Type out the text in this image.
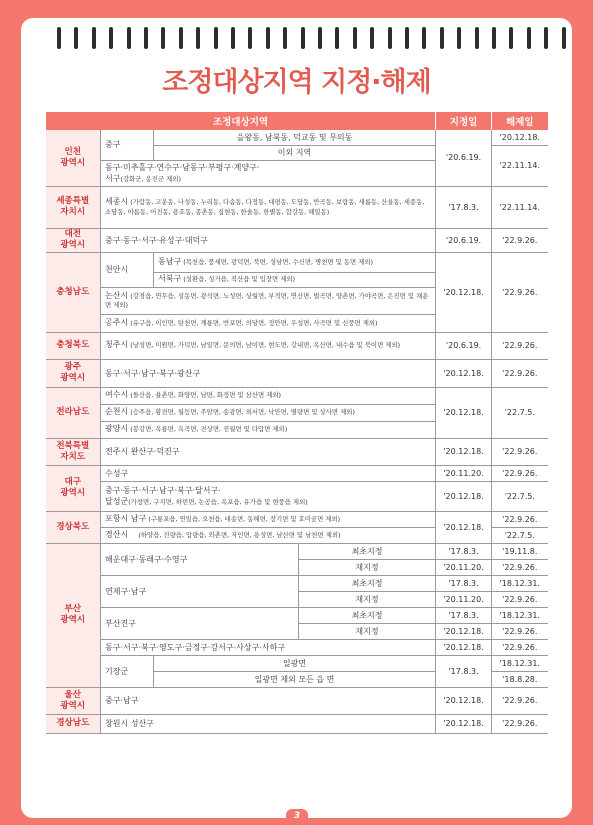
조정대상지역 지정·해제
조정대상지역				지정일	해제일
인천
광역시	중구	을왕동, 남북동, 덕교동 및 무의동		'20.6.19.	'20.12.18.
		이외 지역			'22.11.14.
	동구·미추홀구·연수구·남동구·부평구·계양구·
서구(강화군, 옹진군 제외)				
세종특별
자치시	세종시 (가람동, 고운동, 나성동, 누리동, 다솜동, 다정동, 대평동, 도담동, 반곡동, 보람동, 새롬동, 산울동, 세종동, 소담동, 아름동, 어진동, 용호동, 종촌동, 집현동, 한솔동, 한별동, 합강동, 해밀동)			'17.8.3.	'22.11.14.
대전
광역시	중구·동구·서구·유성구·대덕구			'20.6.19.	'22.9.26.
충청남도	천안시	동남구 (목천읍, 풍세면, 광덕면, 북면, 성남면, 수신면, 병천면 및 동면 제외)		'20.12.18.	'22.9.26.
		서북구 (성환읍, 성거읍, 직산읍 및 입장면 제외)			
	논산시 (강경읍, 연무읍, 성동면, 광석면, 노성면, 상월면, 부적면, 연산면, 벌곡면, 양촌면, 가야곡면, 은진면 및 채운면 제외)				
	공주시 (유구읍, 이인면, 탄천면, 계룡면, 반포면, 의당면, 정안면, 우성면, 사곡면 및 신풍면 제외)				
충청북도	청주시 (낭성면, 미원면, 가덕면, 남일면, 문의면, 남이면, 현도면, 강내면, 옥산면, 내수읍 및 북이면 제외)			'20.6.19.	'22.9.26.
광주
광역시	동구·서구·남구·북구·광산구			'20.12.18.	'22.9.26.
전라남도	여수시 (돌산읍, 율촌면, 화양면, 남면, 화정면 및 삼산면 제외)			'20.12.18.	'22.7.5.
	순천시 (승주읍, 황전면, 월등면, 주암면, 송광면, 외서면, 낙안면, 별량면 및 상사면 제외)				
	광양시 (봉강면, 옥룡면, 옥곡면, 진상면, 진월면 및 다압면 제외)				
전북특별
자치도	전주시 완산구·덕진구			'20.12.18.	'22.9.26.
대구
광역시	수성구			'20.11.20.	'22.9.26.
	중구·동구·서구·남구·북구·달서구·
달성군(가창면, 구지면, 하빈면, 논공읍, 옥포읍, 유가읍 및 현풍읍 제외)			'20.12.18.	'22.7.5.
경상북도	포항시 남구 (구룡포읍, 연일읍, 오천읍, 대송면, 동해면, 장기면 및 호미곶면 제외)			'20.12.18.	'22.9.26.
	경산시 (하양읍, 진량읍, 압량읍, 와촌면, 자인면, 용성면, 남산면 및 남천면 제외)				'22.7.5.
부산
광역시	해운대구·동래구·수영구		최초지정	'17.8.3.	'19.11.8.
			재지정	'20.11.20.	'22.9.26.
	연제구·남구		최초지정	'17.8.3.	'18.12.31.
			재지정	'20.11.20.	'22.9.26.
	부산진구		최초지정	'17.8.3.	'18.12.31.
			재지정	'20.12.18.	'22.9.26.
	동구·서구·북구·영도구·금정구·강서구·사상구·사하구			'20.12.18.	'22.9.26.
	기장군	일광면		'17.8.3.	'18.12.31.
		일광면 제외 모든 읍 면			'18.8.28.
울산
광역시	중구·남구			'20.12.18.	'22.9.26.
경상남도	창원시 성산구			'20.12.18.	'22.9.26.
3
